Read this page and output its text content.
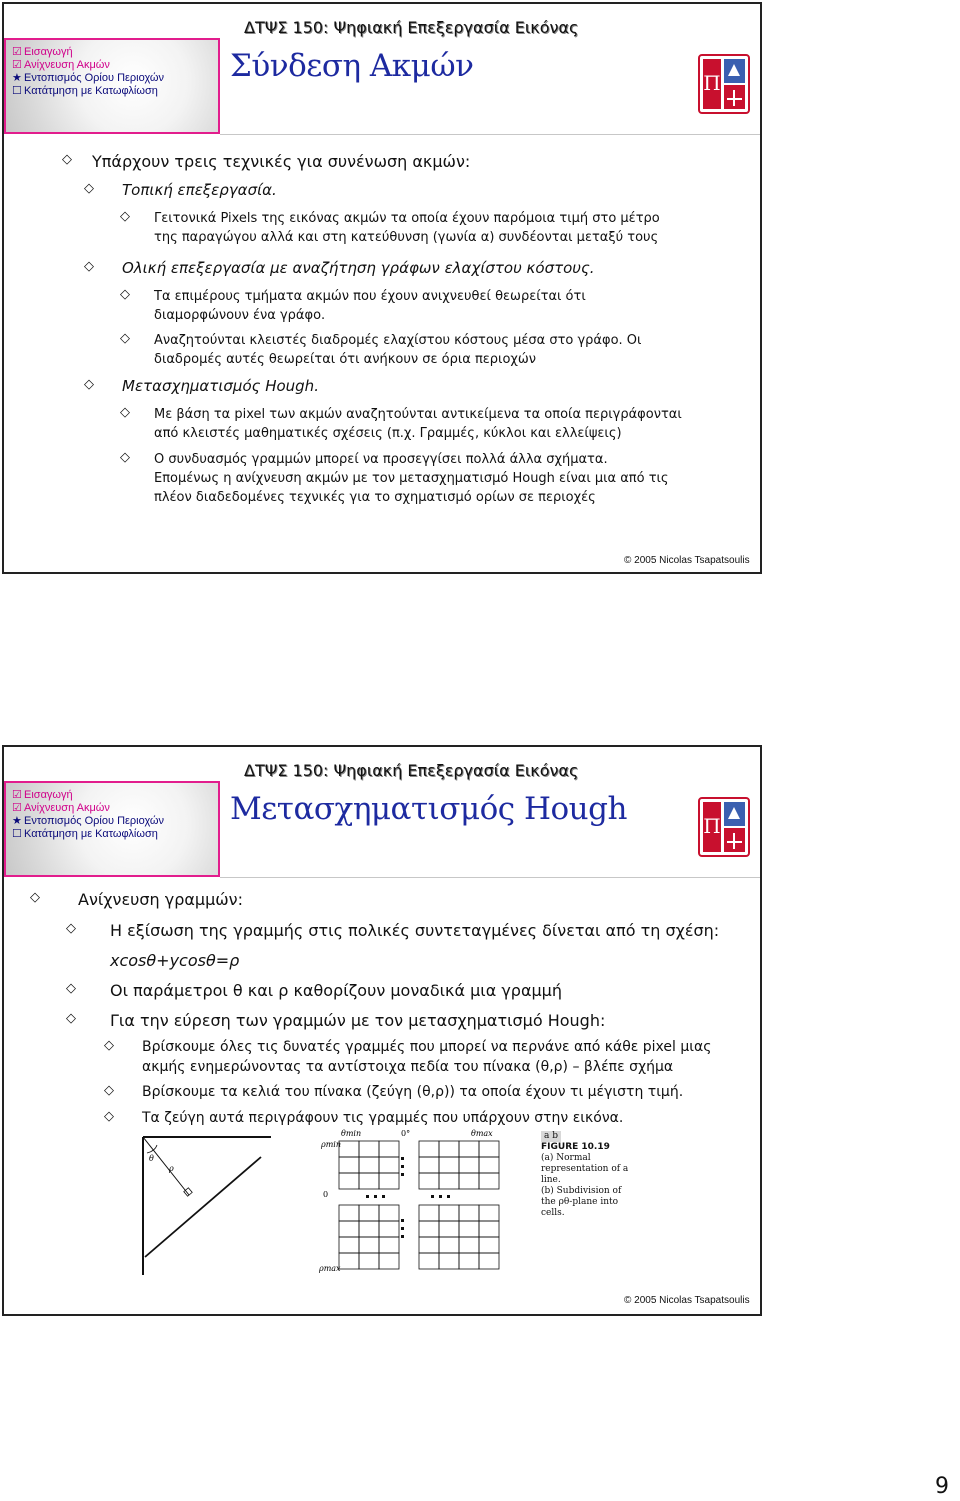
ΔΤΨΣ 150: Ψηφιακή Επεξεργασία Εικόνας
☑ Εισαγωγή
☑ Ανίχνευση Ακμών
★ Εντοπισμός Ορίου Περιοχών
☐ Κατάτμηση με Κατωφλίωση
Σύνδεση Ακμών	Π
◇ Υπάρχουν τρεις τεχνικές για συνένωση ακμών:
◇ Τοπική επεξεργασία.
◇ Γειτονικά Pixels της εικόνας ακμών τα οποία έχουν παρόμοια τιμή στο μέτρο
της παραγώγου αλλά και στη κατεύθυνση (γωνία α) συνδέονται μεταξύ τους
◇ Ολική επεξεργασία με αναζήτηση γράφων ελαχίστου κόστους.
◇ Τα επιμέρους τμήματα ακμών που έχουν ανιχνευθεί θεωρείται ότι
διαμορφώνουν ένα γράφο.
◇ Αναζητούνται κλειστές διαδρομές ελαχίστου κόστους μέσα στο γράφο. Οι
διαδρομές αυτές θεωρείται ότι ανήκουν σε όρια περιοχών
◇ Μετασχηματισμός Hough.
◇ Με βάση τα pixel των ακμών αναζητούνται αντικείμενα τα οποία περιγράφονται
από κλειστές μαθηματικές σχέσεις (π.χ. Γραμμές, κύκλοι και ελλείψεις)
◇ Ο συνδυασμός γραμμών μπορεί να προσεγγίσει πολλά άλλα σχήματα.
Επομένως η ανίχνευση ακμών με τον μετασχηματισμό Hough είναι μια από τις
πλέον διαδεδομένες τεχνικές για το σχηματισμό ορίων σε περιοχές
© 2005 Nicolas Tsapatsoulis
ΔΤΨΣ 150: Ψηφιακή Επεξεργασία Εικόνας
☑ Εισαγωγή
☑ Ανίχνευση Ακμών
★ Εντοπισμός Ορίου Περιοχών
☐ Κατάτμηση με Κατωφλίωση
Μετασχηματισμός Hough	Π
◇ Ανίχνευση γραμμών:
◇ Η εξίσωση της γραμμής στις πολικές συντεταγμένες δίνεται από τη σχέση:
xcosθ+ycosθ=ρ
◇ Οι παράμετροι θ και ρ καθορίζουν μοναδικά μια γραμμή
◇ Για την εύρεση των γραμμών με τον μετασχηματισμό Hough:
◇ Βρίσκουμε όλες τις δυνατές γραμμές που μπορεί να περνάνε από κάθε pixel μιας
ακμής ενημερώνοντας τα αντίστοιχα πεδία του πίνακα (θ,ρ) – βλέπε σχήμα
◇ Βρίσκουμε τα κελιά του πίνακα (ζεύγη (θ,ρ)) τα οποία έχουν τι μέγιστη τιμή.
◇ Τα ζεύγη αυτά περιγράφουν τις γραμμές που υπάρχουν στην εικόνα.
θ
ρ
θmin	0°	θmax
ρmin
0
ρmax
a b
FIGURE 10.19
(a) Normal representation of a line.
(b) Subdivision of the ρθ-plane into cells.
© 2005 Nicolas Tsapatsoulis
9
